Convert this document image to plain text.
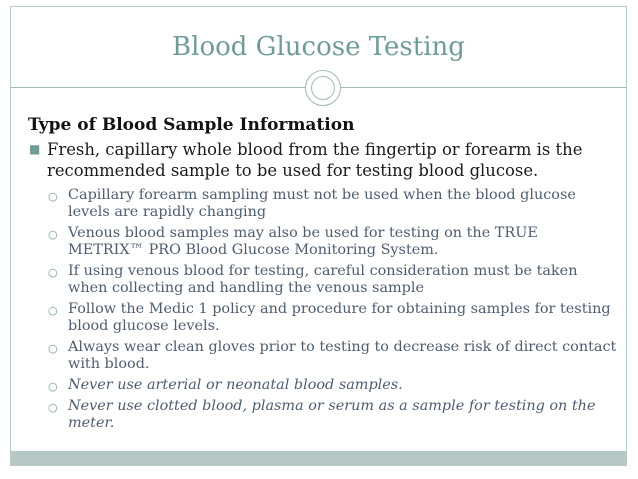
Blood Glucose Testing
Type of Blood Sample Information
■ Fresh, capillary whole blood from the fingertip or forearm is the recommended sample to be used for testing blood glucose.
○ Capillary forearm sampling must not be used when the blood glucose levels are rapidly changing
○ Venous blood samples may also be used for testing on the TRUE METRIX™ PRO Blood Glucose Monitoring System.
○ If using venous blood for testing, careful consideration must be taken when collecting and handling the venous sample
○ Follow the Medic 1 policy and procedure for obtaining samples for testing blood glucose levels.
○ Always wear clean gloves prior to testing to decrease risk of direct contact with blood.
○ Never use arterial or neonatal blood samples.
○ Never use clotted blood, plasma or serum as a sample for testing on the meter.
